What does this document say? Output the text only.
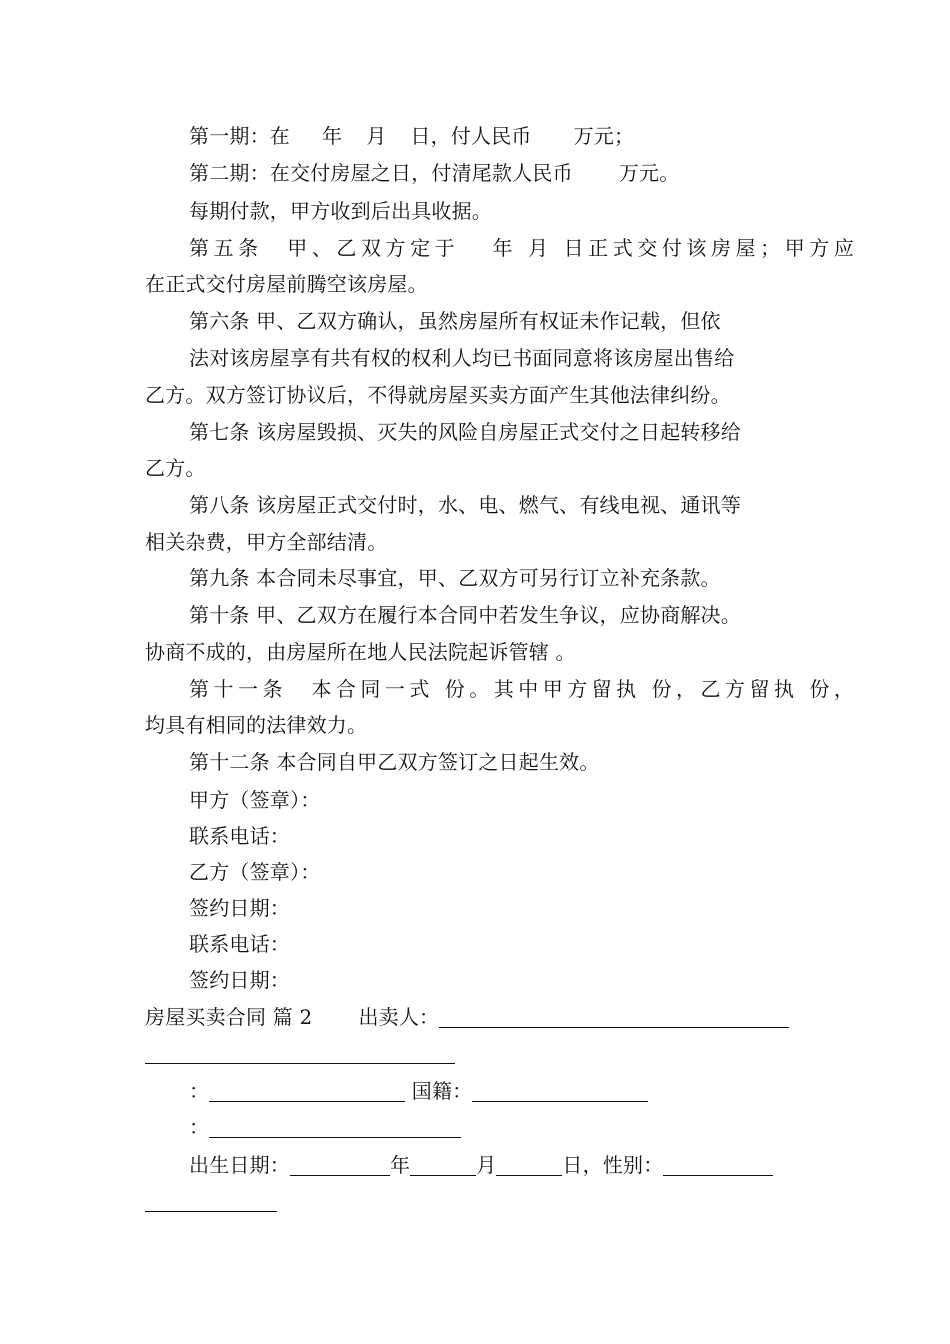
第一期：在 年 月 日，付人民币 万元；
第二期：在交付房屋之日，付清尾款人民币 万元。
每期付款，甲方收到后出具收据。
第五条　甲、乙双方定于 年 月 日正式交付该房屋；甲方应
在正式交付房屋前腾空该房屋。
第六条 甲、乙双方确认，虽然房屋所有权证未作记载，但依
法对该房屋享有共有权的权利人均已书面同意将该房屋出售给
乙方。双方签订协议后，不得就房屋买卖方面产生其他法律纠纷。
第七条 该房屋毁损、灭失的风险自房屋正式交付之日起转移给
乙方。
第八条 该房屋正式交付时，水、电、燃气、有线电视、通讯等
相关杂费，甲方全部结清。
第九条 本合同未尽事宜，甲、乙双方可另行订立补充条款。
第十条 甲、乙双方在履行本合同中若发生争议，应协商解决。
协商不成的，由房屋所在地人民法院起诉管辖 。
第十一条　本合同一式 份。其中甲方留执 份，乙方留执 份，
均具有相同的法律效力。
第十二条 本合同自甲乙双方签订之日起生效。
甲方（签章）：
联系电话：
乙方（签章）：
签约日期：
联系电话：
签约日期：
房屋买卖合同 篇 2 出卖人：
：	国籍：
：
出生日期：	年	月	日，性别：
